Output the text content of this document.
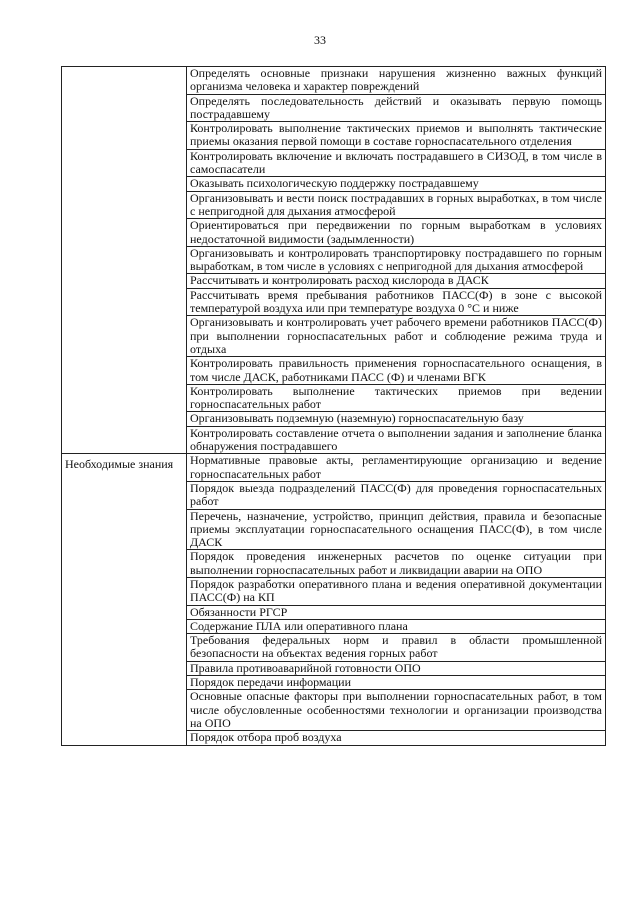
33
	Определять основные признаки нарушения жизненно важных функций организма человека и характер повреждений
	Определять последовательность действий и оказывать первую помощь пострадавшему
	Контролировать выполнение тактических приемов и выполнять тактические приемы оказания первой помощи в составе горноспасательного отделения
	Контролировать включение и включать пострадавшего в СИЗОД, в том числе в самоспасатели
	Оказывать психологическую поддержку пострадавшему
	Организовывать и вести поиск пострадавших в горных выработках, в том числе с непригодной для дыхания атмосферой
	Ориентироваться при передвижении по горным выработкам в условиях недостаточной видимости (задымленности)
	Организовывать и контролировать транспортировку пострадавшего по горным выработкам, в том числе в условиях с непригодной для дыхания атмосферой
	Рассчитывать и контролировать расход кислорода в ДАСК
	Рассчитывать время пребывания работников ПАСС(Ф) в зоне с высокой температурой воздуха или при температуре воздуха 0 °С и ниже
	Организовывать и контролировать учет рабочего времени работников ПАСС(Ф) при выполнении горноспасательных работ и соблюдение режима труда и отдыха
	Контролировать правильность применения горноспасательного оснащения, в том числе ДАСК, работниками ПАСС (Ф) и членами ВГК
	Контролировать выполнение тактических приемов при ведении горноспасательных работ
	Организовывать подземную (наземную) горноспасательную базу
	Контролировать составление отчета о выполнении задания и заполнение бланка обнаружения пострадавшего
Необходимые знания	Нормативные правовые акты, регламентирующие организацию и ведение горноспасательных работ
	Порядок выезда подразделений ПАСС(Ф) для проведения горноспасательных работ
	Перечень, назначение, устройство, принцип действия, правила и безопасные приемы эксплуатации горноспасательного оснащения ПАСС(Ф), в том числе ДАСК
	Порядок проведения инженерных расчетов по оценке ситуации при выполнении горноспасательных работ и ликвидации аварии на ОПО
	Порядок разработки оперативного плана и ведения оперативной документации ПАСС(Ф) на КП
	Обязанности РГСР
	Содержание ПЛА или оперативного плана
	Требования федеральных норм и правил в области промышленной безопасности на объектах ведения горных работ
	Правила противоаварийной готовности ОПО
	Порядок передачи информации
	Основные опасные факторы при выполнении горноспасательных работ, в том числе обусловленные особенностями технологии и организации производства на ОПО
	Порядок отбора проб воздуха
